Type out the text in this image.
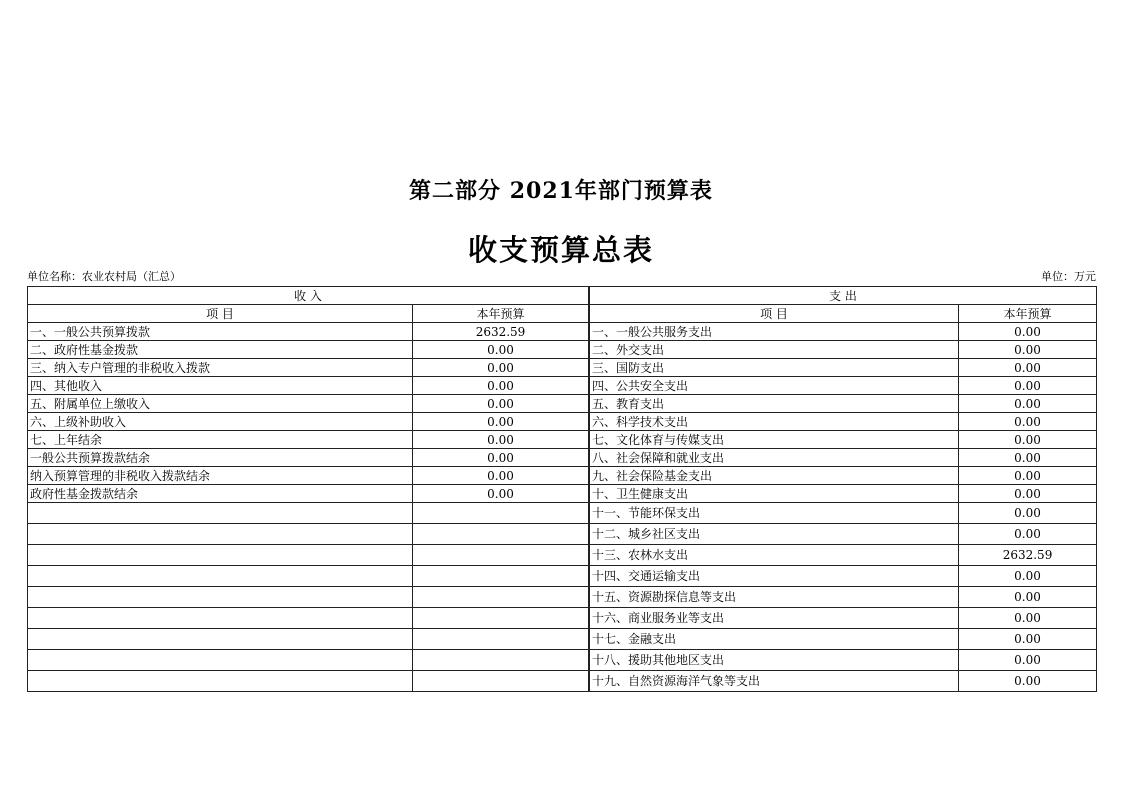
第二部分 2021年部门预算表
收支预算总表
单位名称：农业农村局（汇总）	单位：万元
收 入		支 出	
项 目	本年预算		项 目	本年预算
一、一般公共预算拨款	2632.59		一、一般公共服务支出	0.00
二、政府性基金拨款	0.00		二、外交支出	0.00
三、纳入专户管理的非税收入拨款	0.00		三、国防支出	0.00
四、其他收入	0.00		四、公共安全支出	0.00
五、附属单位上缴收入	0.00		五、教育支出	0.00
六、上级补助收入	0.00		六、科学技术支出	0.00
七、上年结余	0.00		七、文化体育与传媒支出	0.00
一般公共预算拨款结余	0.00		八、社会保障和就业支出	0.00
纳入预算管理的非税收入拨款结余	0.00		九、社会保险基金支出	0.00
政府性基金拨款结余	0.00		十、卫生健康支出	0.00
			十一、节能环保支出	0.00
			十二、城乡社区支出	0.00
			十三、农林水支出	2632.59
			十四、交通运输支出	0.00
			十五、资源勘探信息等支出	0.00
			十六、商业服务业等支出	0.00
			十七、金融支出	0.00
			十八、援助其他地区支出	0.00
			十九、自然资源海洋气象等支出	0.00
